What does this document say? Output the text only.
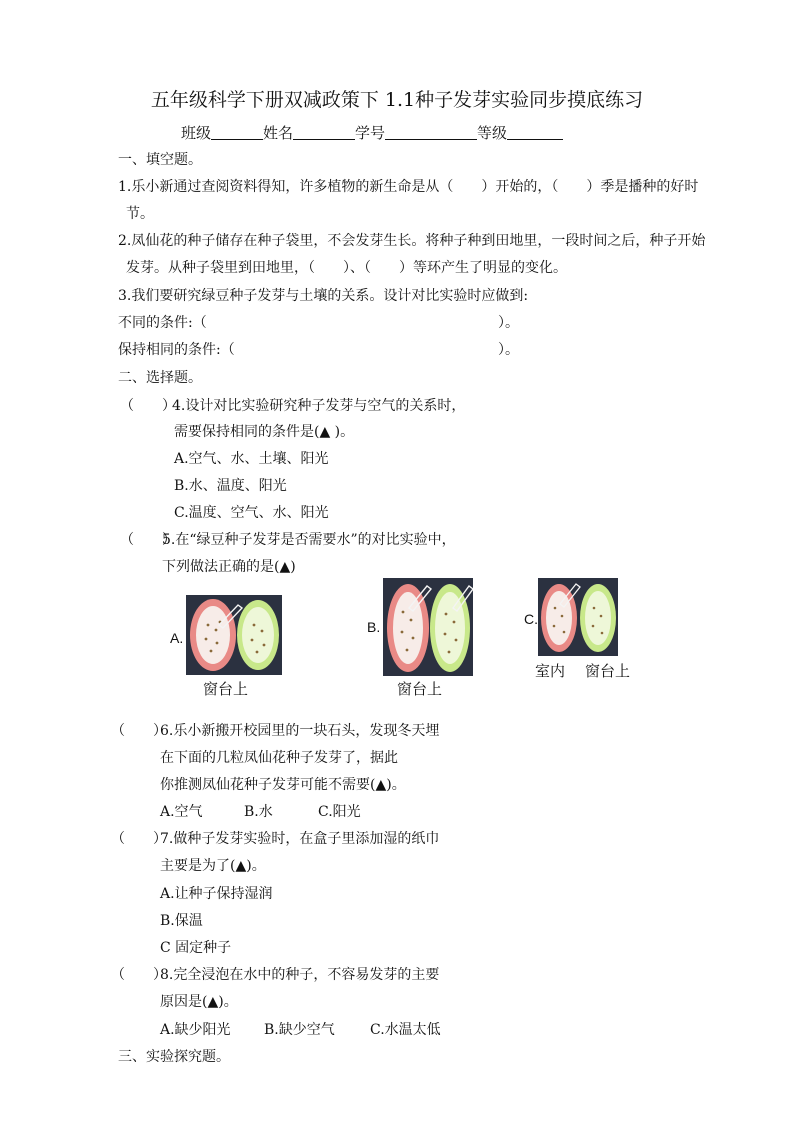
五年级科学下册双减政策下 1.1种子发芽实验同步摸底练习
班级	姓名	学号	等级
一、填空题。
1.乐小新通过查阅资料得知，许多植物的新生命是从（　　）开始的，（　　）季是播种的好时
节。
2.凤仙花的种子储存在种子袋里，不会发芽生长。将种子种到田地里，一段时间之后，种子开始
发芽。从种子袋里到田地里，（　　）、（　　）等环产生了明显的变化。
3.我们要研究绿豆种子发芽与土壤的关系。设计对比实验时应做到:
不同的条件:（	）。
保持相同的条件:（	）。
二、选择题。
（　　）
4.设计对比实验研究种子发芽与空气的关系时，
需要保持相同的条件是(▲ )。
A.空气、水、土壤、阳光
B.水、温度、阳光
C.温度、空气、水、阳光
（　　）
5.在“绿豆种子发芽是否需要水”的对比实验中，
下列做法正确的是(▲)
A.
窗台上
B.
窗台上
C.
室内 窗台上
（　　）
6.乐小新搬开校园里的一块石头，发现冬天埋
在下面的几粒凤仙花种子发芽了，据此
你推测凤仙花种子发芽可能不需要(▲)。
A.空气	B.水	C.阳光
（　　）
7.做种子发芽实验时，在盒子里添加湿的纸巾
主要是为了(▲)。
A.让种子保持湿润
B.保温
C 固定种子
（　　）
8.完全浸泡在水中的种子，不容易发芽的主要
原因是(▲)。
A.缺少阳光 B.缺少空气	C.水温太低
三、实验探究题。
